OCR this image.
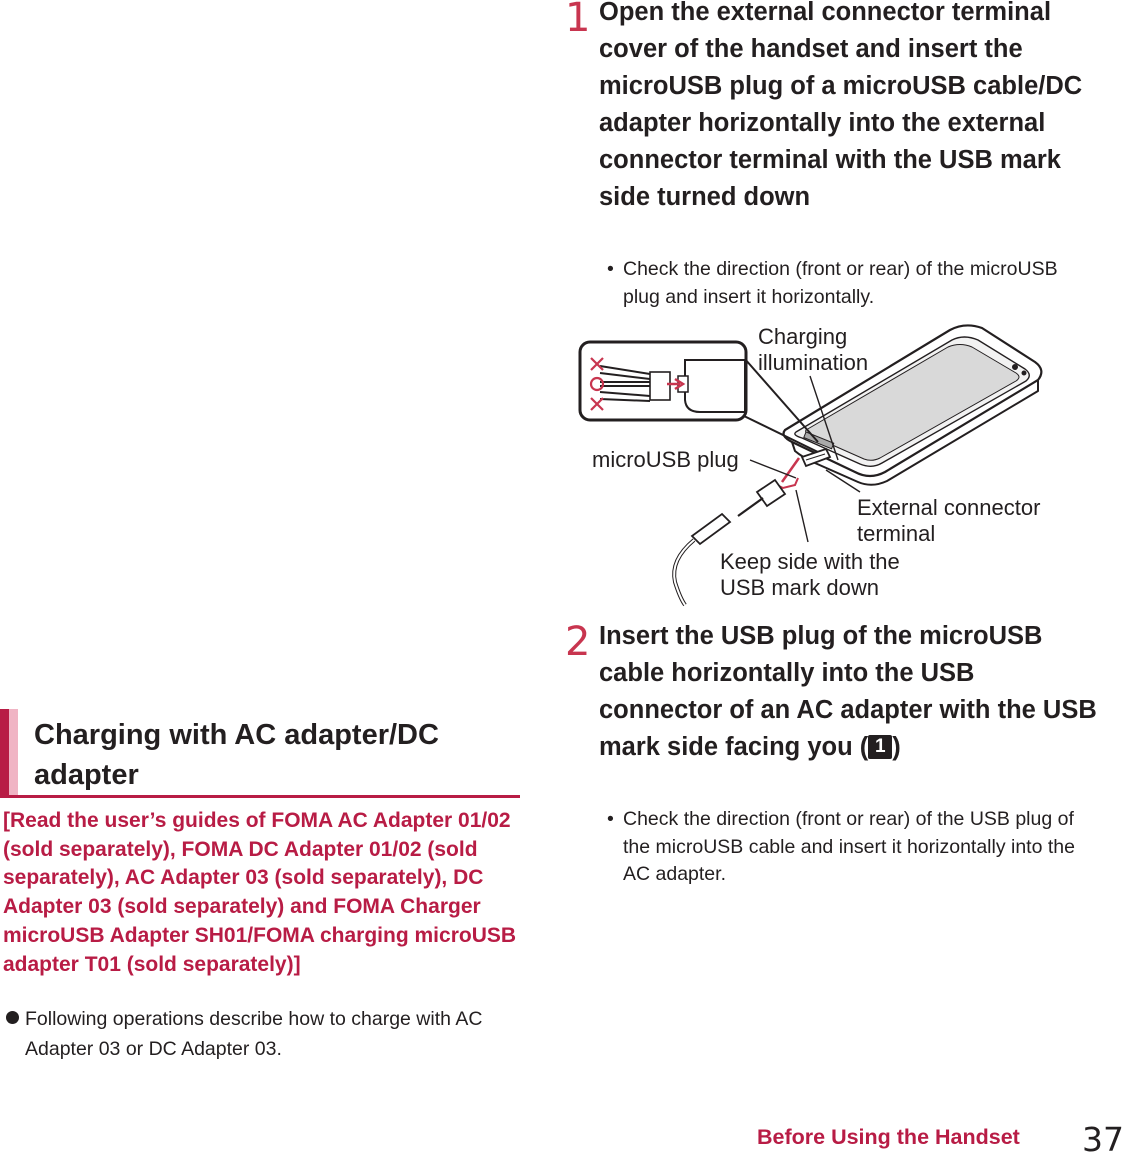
Charging with AC adapter/DC adapter
[Read the user’s guides of FOMA AC Adapter 01/02 (sold separately), FOMA DC Adapter 01/02 (sold separately), AC Adapter 03 (sold separately), DC Adapter 03 (sold separately) and FOMA Charger microUSB Adapter SH01/FOMA charging microUSB adapter T01 (sold separately)]
Following operations describe how to charge with AC Adapter 03 or DC Adapter 03.
1 Open the external connector terminal cover of the handset and insert the microUSB plug of a microUSB cable/DC adapter horizontally into the external connector terminal with the USB mark side turned down
• Check the direction (front or rear) of the microUSB plug and insert it horizontally.
Charging
illumination
microUSB plug
External connector
terminal
Keep side with the
USB mark down
2 Insert the USB plug of the microUSB cable horizontally into the USB connector of an AC adapter with the USB mark side facing you ( 1 )
• Check the direction (front or rear) of the USB plug of the microUSB cable and insert it horizontally into the AC adapter.
Before Using the Handset 37
